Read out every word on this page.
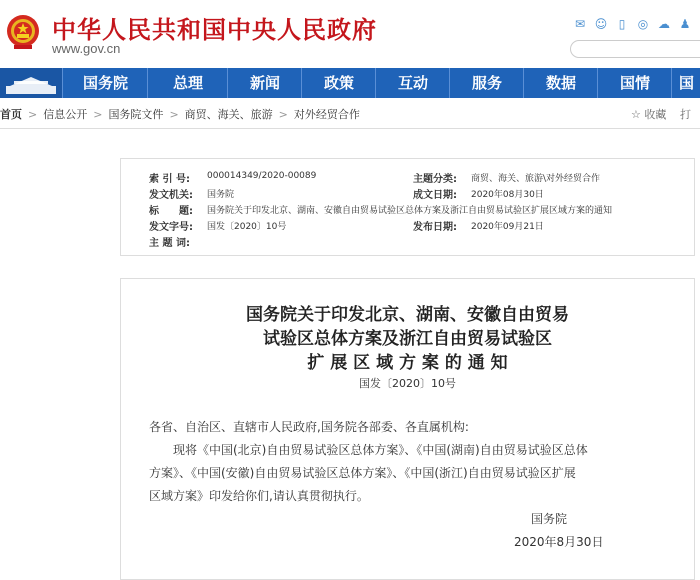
中华人民共和国中央人民政府
www.gov.cn
✉ ☺ ▯	◎ ☁ ♟
国务院	总理	新闻	政策	互动	服务	数据	国情	国
首页 > 信息公开 > 国务院文件 > 商贸、海关、旅游 > 对外经贸合作	☆ 收藏 打
索 引 号: 000014349/2020-00089	主题分类: 商贸、海关、旅游\对外经贸合作
发文机关: 国务院	成文日期: 2020年08月30日
标　　题: 国务院关于印发北京、湖南、安徽自由贸易试验区总体方案及浙江自由贸易试验区扩展区域方案的通知
发文字号: 国发〔2020〕10号	发布日期: 2020年09月21日
主 题 词:
国务院关于印发北京、湖南、安徽自由贸易
试验区总体方案及浙江自由贸易试验区
扩 展 区 域 方 案 的 通 知
国发〔2020〕10号
各省、自治区、直辖市人民政府,国务院各部委、各直属机构:
现将《中国(北京)自由贸易试验区总体方案》、《中国(湖南)自由贸易试验区总体
方案》、《中国(安徽)自由贸易试验区总体方案》、《中国(浙江)自由贸易试验区扩展
区域方案》印发给你们,请认真贯彻执行。
国务院
2020年8月30日
